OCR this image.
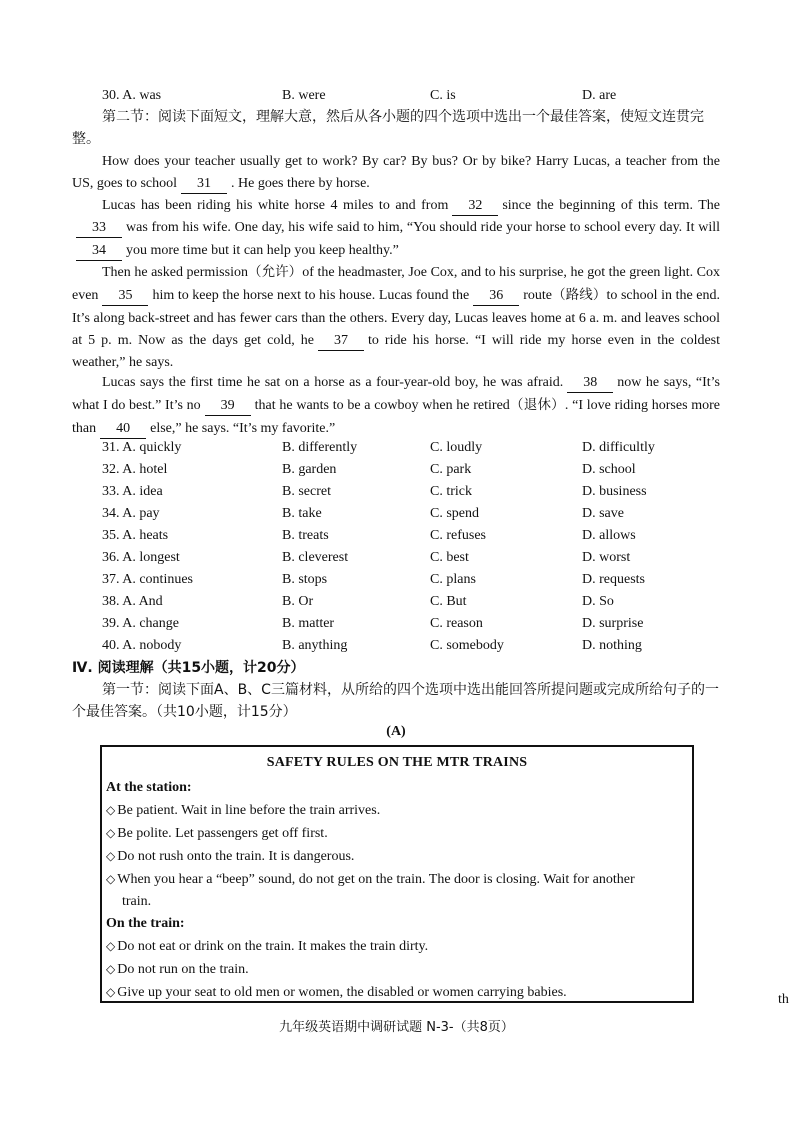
30. A. was	B. were	C. is	D. are
第二节：阅读下面短文，理解大意，然后从各小题的四个选项中选出一个最佳答案，使短文连贯完整。

How does your teacher usually get to work? By car? By bus? Or by bike? Harry Lucas, a teacher from the US, goes to school 31 . He goes there by horse.

Lucas has been riding his white horse 4 miles to and from 32 since the beginning of this term. The33 was from his wife. One day, his wife said to him, “You should ride your horse to school every day. It will34 you more time but it can help you keep healthy.”

Then he asked permission（允许）of the headmaster, Joe Cox, and to his surprise, he got the green light. Cox even 35 him to keep the horse next to his house. Lucas found the 36 route（路线）to school in the end. It’s along back-street and has fewer cars than the others. Every day, Lucas leaves home at 6 a. m. and leaves school at 5 p. m. Now as the days get cold, he 37 to ride his horse. “I will ride my horse even in the coldest weather,” he says.

Lucas says the first time he sat on a horse as a four-year-old boy, he was afraid. 38 now he says, “It’s what I do best.” It’s no 39 that he wants to be a cowboy when he retired（退休）. “I love riding horses more than 40 else,” he says. “It’s my favorite.”

31. A. quickly	B. differently	C. loudly	D. difficultly
32. A. hotel	B. garden	C. park	D. school
33. A. idea	B. secret	C. trick	D. business
34. A. pay	B. take	C. spend	D. save
35. A. heats	B. treats	C. refuses	D. allows
36. A. longest	B. cleverest	C. best	D. worst
37. A. continues	B. stops	C. plans	D. requests
38. A. And	B. Or	C. But	D. So
39. A. change	B. matter	C. reason	D. surprise
40. A. nobody	B. anything	C. somebody	D. nothing
Ⅳ. 阅读理解（共15小题，计20分）
第一节：阅读下面A、B、C三篇材料，从所给的四个选项中选出能回答所提问题或完成所给句子的一个最佳答案。（共10小题，计15分）
(A)
SAFETY RULES ON THE MTR TRAINS
At the station:
◇ Be patient. Wait in line before the train arrives.
◇ Be polite. Let passengers get off first.
◇ Do not rush onto the train. It is dangerous.
◇ When you hear a “beep” sound, do not get on the train. The door is closing. Wait for another
train.
On the train:
◇ Do not eat or drink on the train. It makes the train dirty.
◇ Do not run on the train.
◇ Give up your seat to old men or women, the disabled or women carrying babies.	th
九年级英语期中调研试题 N-3-（共8页）
